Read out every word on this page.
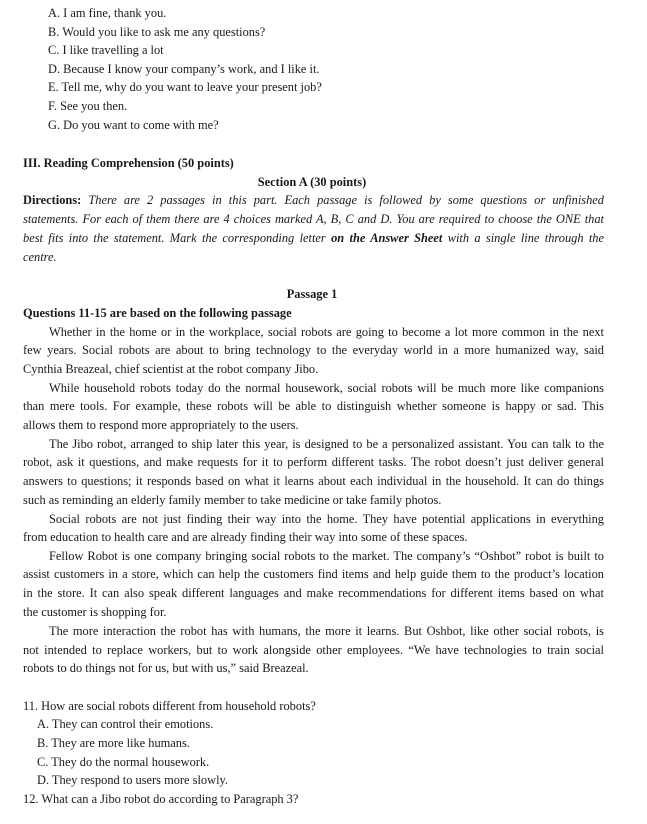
A. I am fine, thank you.
B. Would you like to ask me any questions?
C. I like travelling a lot
D. Because I know your company’s work, and I like it.
E. Tell me, why do you want to leave your present job?
F. See you then.
G. Do you want to come with me?
III. Reading Comprehension (50 points)
Section A (30 points)
Directions: There are 2 passages in this part. Each passage is followed by some questions or unfinished
statements. For each of them there are 4 choices marked A, B, C and D. You are required to choose the ONE that
best fits into the statement. Mark the corresponding letter on the Answer Sheet with a single line through the
centre.
Passage 1
Questions 11-15 are based on the following passage
Whether in the home or in the workplace, social robots are going to become a lot more common in the next
few years. Social robots are about to bring technology to the everyday world in a more humanized way, said
Cynthia Breazeal, chief scientist at the robot company Jibo.
While household robots today do the normal housework, social robots will be much more like companions
than mere tools. For example, these robots will be able to distinguish whether someone is happy or sad. This
allows them to respond more appropriately to the users.
The Jibo robot, arranged to ship later this year, is designed to be a personalized assistant. You can talk to the
robot, ask it questions, and make requests for it to perform different tasks. The robot doesn’t just deliver general
answers to questions; it responds based on what it learns about each individual in the household. It can do things
such as reminding an elderly family member to take medicine or take family photos.
Social robots are not just finding their way into the home. They have potential applications in everything
from education to health care and are already finding their way into some of these spaces.
Fellow Robot is one company bringing social robots to the market. The company’s “Oshbot” robot is built to
assist customers in a store, which can help the customers find items and help guide them to the product’s location
in the store. It can also speak different languages and make recommendations for different items based on what
the customer is shopping for.
The more interaction the robot has with humans, the more it learns. But Oshbot, like other social robots, is
not intended to replace workers, but to work alongside other employees. “We have technologies to train social
robots to do things not for us, but with us,” said Breazeal.
11. How are social robots different from household robots?
A. They can control their emotions.
B. They are more like humans.
C. They do the normal housework.
D. They respond to users more slowly.
12. What can a Jibo robot do according to Paragraph 3?
